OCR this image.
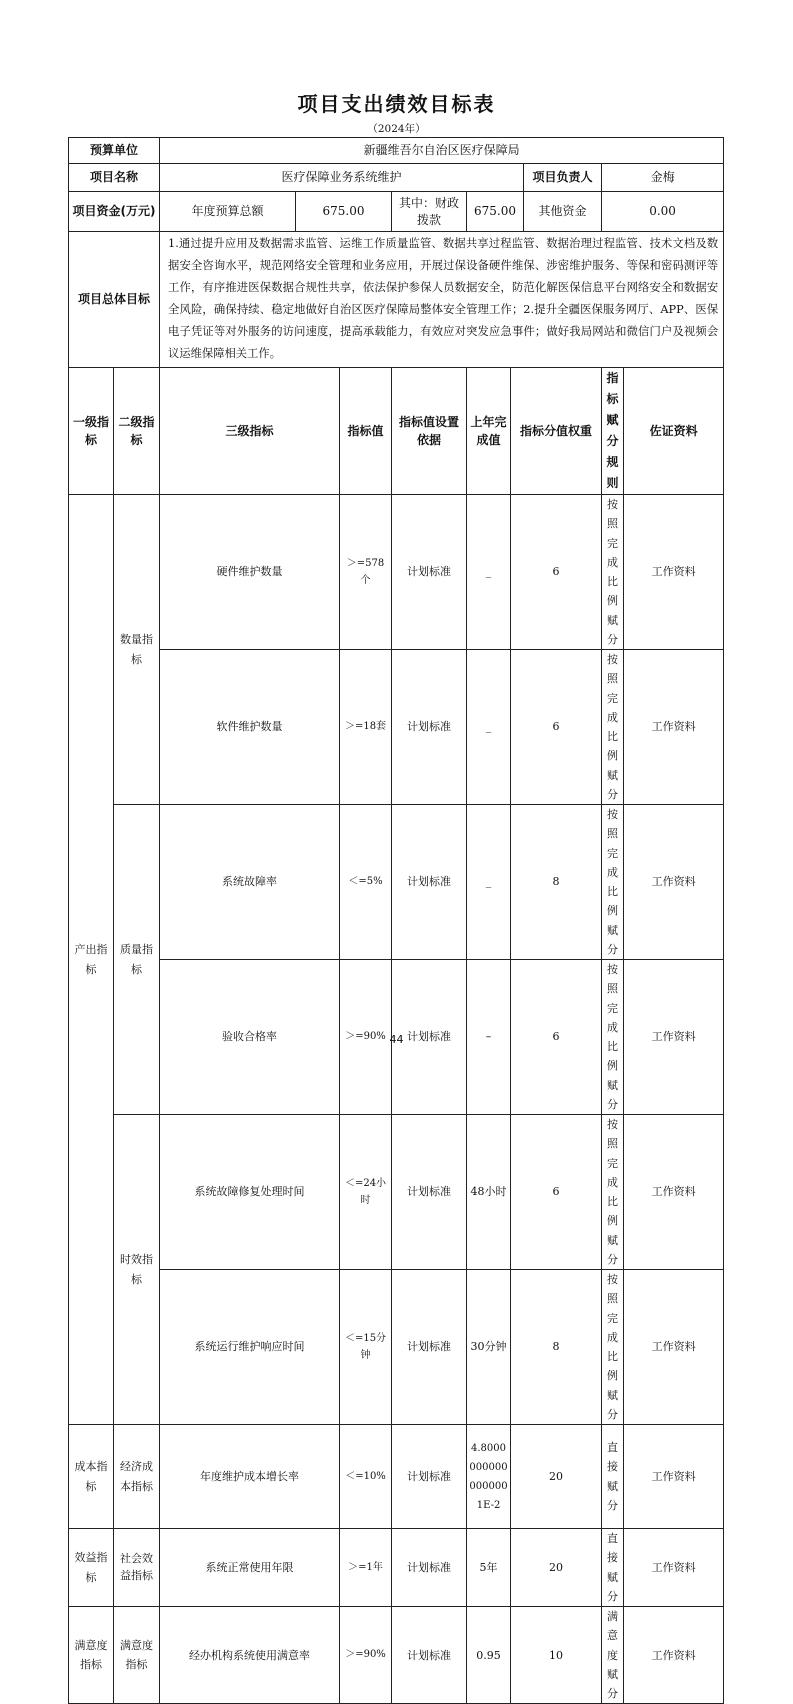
项目支出绩效目标表
（2024年）
预算单位		新疆维吾尔自治区医疗保障局								
项目名称		医疗保障业务系统维护						项目负责人	金梅	
项目资金(万元)		年度预算总额	675.00		其中：财政拨款	675.00		其他资金	0.00	
项目总体目标		1.通过提升应用及数据需求监管、运维工作质量监管、数据共享过程监管、数据治理过程监管、技术文档及数据安全咨询水平，规范网络安全管理和业务应用，开展过保设备硬件维保、涉密维护服务、等保和密码测评等工作，有序推进医保数据合规性共享，依法保护参保人员数据安全，防范化解医保信息平台网络安全和数据安全风险，确保持续、稳定地做好自治区医疗保障局整体安全管理工作；2.提升全疆医保服务网厅、APP、医保电子凭证等对外服务的访问速度，提高承载能力，有效应对突发应急事件；做好我局网站和微信门户及视频会议运维保障相关工作。								
一级指标	二级指标	三级指标		指标值	指标值设置依据	上年完成值	指标分值权重		指标赋分规则	佐证资料
产出指标	数量指标	硬件维护数量		＞=578个	计划标准	_	6		按照完成比例赋分	工作资料
		软件维护数量		＞=18套	计划标准	_	6		按照完成比例赋分	工作资料
	质量指标	系统故障率		＜=5%	计划标准	_	8		按照完成比例赋分	工作资料
		验收合格率		＞=90%	计划标准	–	6		按照完成比例赋分	工作资料
	时效指标	系统故障修复处理时间		＜=24小时	计划标准	48小时	6		按照完成比例赋分	工作资料
		系统运行维护响应时间		＜=15分钟	计划标准	30分钟	8		按照完成比例赋分	工作资料
成本指标	经济成本指标	年度维护成本增长率		＜=10%	计划标准	4.80000000000000001E-2	20		直接赋分	工作资料
效益指标	社会效益指标	系统正常使用年限		＞=1年	计划标准	5年	20		直接赋分	工作资料
满意度指标	满意度指标	经办机构系统使用满意率		＞=90%	计划标准	0.95	10		满意度赋分	工作资料
44
